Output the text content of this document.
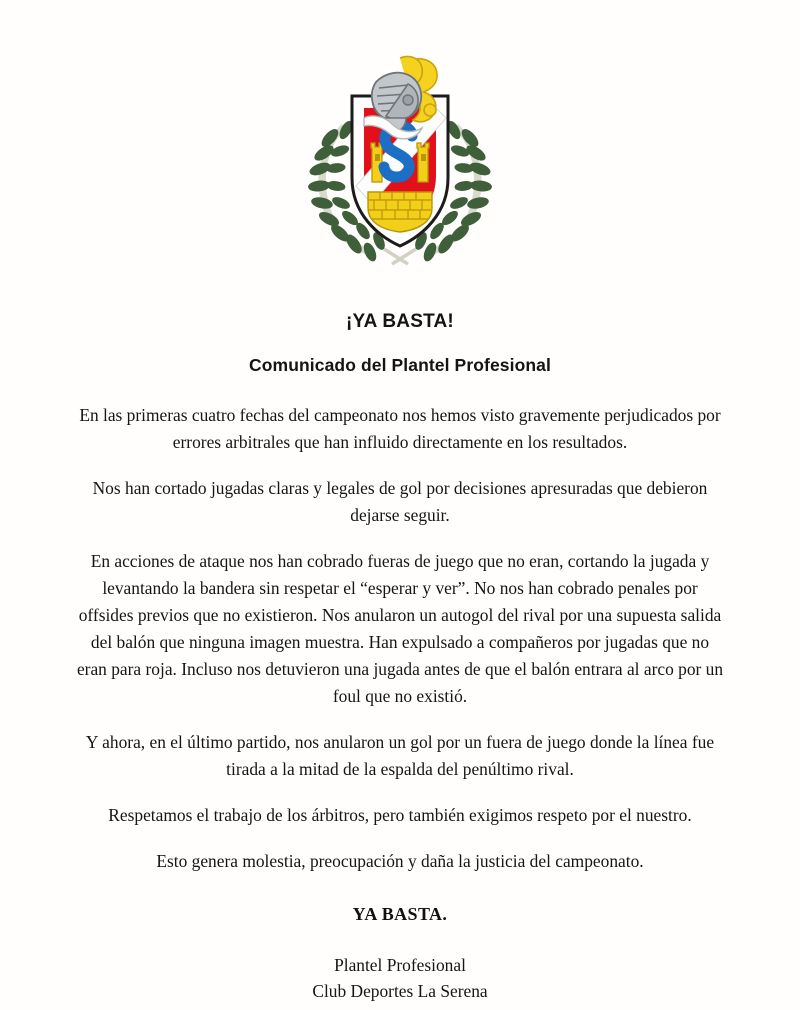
¡YA BASTA!
Comunicado del Plantel Profesional

En las primeras cuatro fechas del campeonato nos hemos visto gravemente perjudicados por errores arbitrales que han influido directamente en los resultados.

Nos han cortado jugadas claras y legales de gol por decisiones apresuradas que debieron dejarse seguir.

En acciones de ataque nos han cobrado fueras de juego que no eran, cortando la jugada y levantando la bandera sin respetar el “esperar y ver”. No nos han cobrado penales por offsides previos que no existieron. Nos anularon un autogol del rival por una supuesta salida del balón que ninguna imagen muestra. Han expulsado a compañeros por jugadas que no eran para roja. Incluso nos detuvieron una jugada antes de que el balón entrara al arco por un foul que no existió.

Y ahora, en el último partido, nos anularon un gol por un fuera de juego donde la línea fue tirada a la mitad de la espalda del penúltimo rival.

Respetamos el trabajo de los árbitros, pero también exigimos respeto por el nuestro.

Esto genera molestia, preocupación y daña la justicia del campeonato.

YA BASTA.
Plantel Profesional
Club Deportes La Serena
